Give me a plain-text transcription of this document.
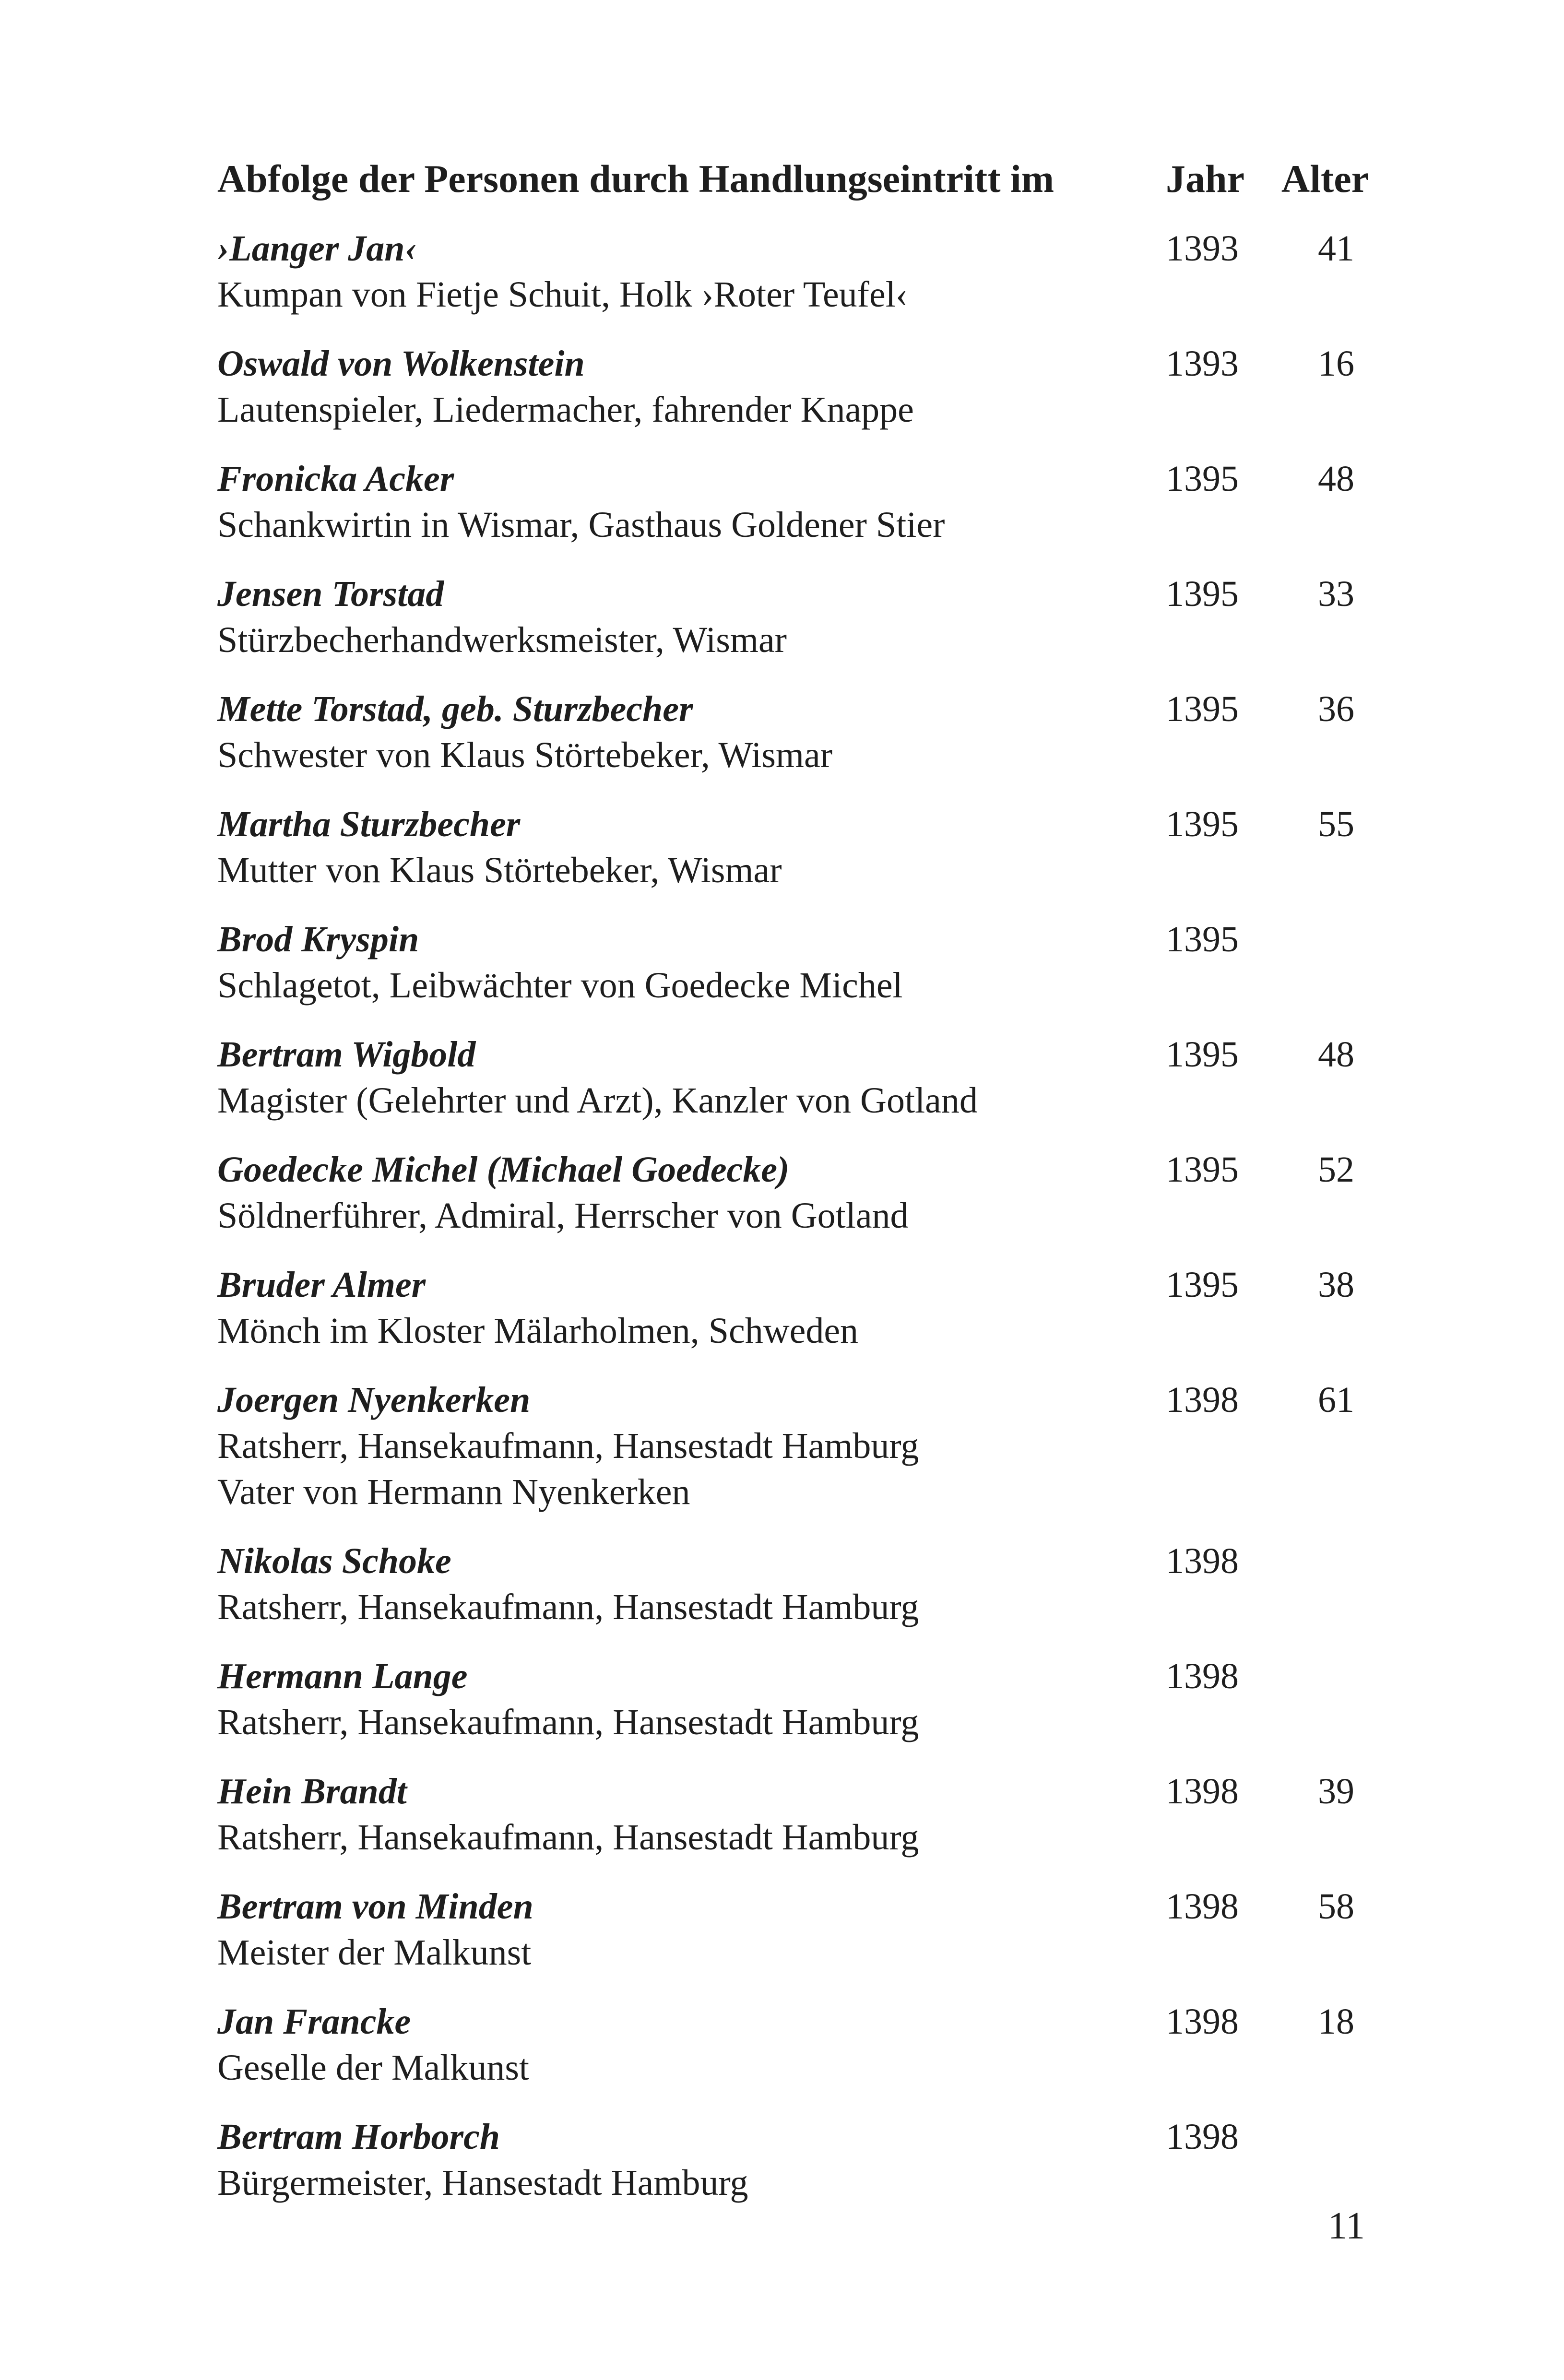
Abfolge der Personen durch Handlungseintritt im	Jahr Alter
›Langer Jan‹	1393 41
Kumpan von Fietje Schuit, Holk ›Roter Teufel‹
Oswald von Wolkenstein	1393 16
Lautenspieler, Liedermacher, fahrender Knappe
Fronicka Acker	1395 48
Schankwirtin in Wismar, Gasthaus Goldener Stier
Jensen Torstad	1395 33
Stürzbecherhandwerksmeister, Wismar
Mette Torstad, geb. Sturzbecher	1395 36
Schwester von Klaus Störtebeker, Wismar
Martha Sturzbecher	1395 55
Mutter von Klaus Störtebeker, Wismar
Brod Kryspin	1395
Schlagetot, Leibwächter von Goedecke Michel
Bertram Wigbold	1395 48
Magister (Gelehrter und Arzt), Kanzler von Gotland
Goedecke Michel (Michael Goedecke)	1395 52
Söldnerführer, Admiral, Herrscher von Gotland
Bruder Almer	1395 38
Mönch im Kloster Mälarholmen, Schweden
Joergen Nyenkerken	1398 61
Ratsherr, Hansekaufmann, Hansestadt Hamburg
Vater von Hermann Nyenkerken
Nikolas Schoke	1398
Ratsherr, Hansekaufmann, Hansestadt Hamburg
Hermann Lange	1398
Ratsherr, Hansekaufmann, Hansestadt Hamburg
Hein Brandt	1398 39
Ratsherr, Hansekaufmann, Hansestadt Hamburg
Bertram von Minden	1398 58
Meister der Malkunst
Jan Francke	1398 18
Geselle der Malkunst
Bertram Horborch	1398
Bürgermeister, Hansestadt Hamburg
11
